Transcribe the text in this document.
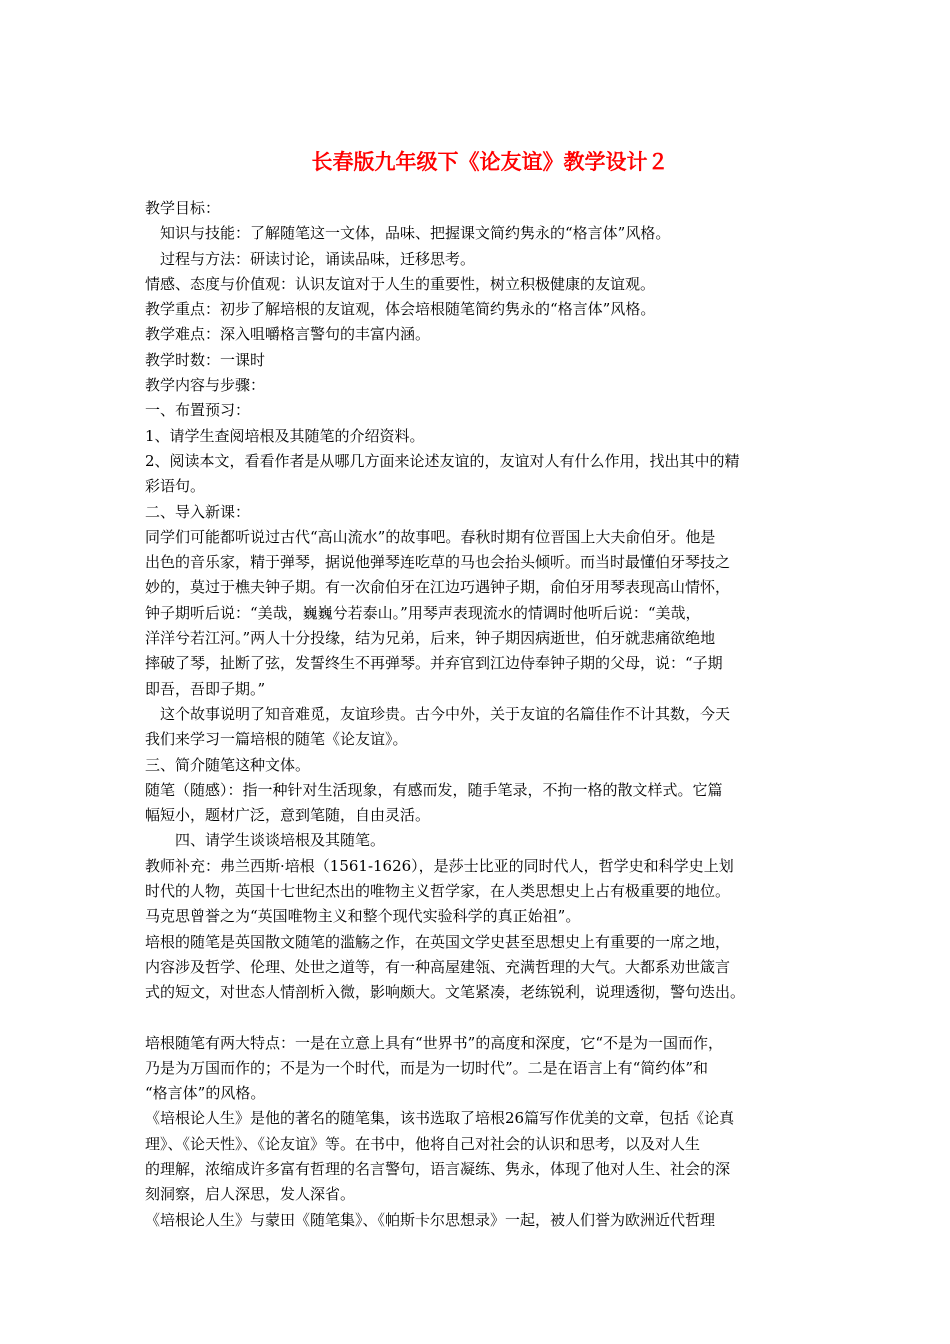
长春版九年级下《论友谊》教学设计２

教学目标：

　知识与技能：了解随笔这一文体，品味、把握课文简约隽永的“格言体”风格。

　过程与方法：研读讨论，诵读品味，迁移思考。

情感、态度与价值观：认识友谊对于人生的重要性，树立积极健康的友谊观。

教学重点：初步了解培根的友谊观，体会培根随笔简约隽永的“格言体”风格。

教学难点：深入咀嚼格言警句的丰富内涵。

教学时数：一课时

教学内容与步骤：

一、布置预习：

1、请学生查阅培根及其随笔的介绍资料。

2、阅读本文，看看作者是从哪几方面来论述友谊的，友谊对人有什么作用，找出其中的精

彩语句。

二、导入新课：

同学们可能都听说过古代“高山流水”的故事吧。春秋时期有位晋国上大夫俞伯牙。他是

出色的音乐家，精于弹琴，据说他弹琴连吃草的马也会抬头倾听。而当时最懂伯牙琴技之

妙的，莫过于樵夫钟子期。有一次俞伯牙在江边巧遇钟子期，俞伯牙用琴表现高山情怀，

钟子期听后说：“美哉，巍巍兮若泰山。”用琴声表现流水的情调时他听后说：“美哉，

洋洋兮若江河。”两人十分投缘，结为兄弟，后来，钟子期因病逝世，伯牙就悲痛欲绝地

摔破了琴，扯断了弦，发誓终生不再弹琴。并弃官到江边侍奉钟子期的父母，说：“子期

即吾，吾即子期。”

　这个故事说明了知音难觅，友谊珍贵。古今中外，关于友谊的名篇佳作不计其数，今天

我们来学习一篇培根的随笔《论友谊》。

三、简介随笔这种文体。

随笔（随感）：指一种针对生活现象，有感而发，随手笔录，不拘一格的散文样式。它篇

幅短小，题材广泛，意到笔随，自由灵活。

　　四、请学生谈谈培根及其随笔。

教师补充：弗兰西斯·培根（1561-1626），是莎士比亚的同时代人，哲学史和科学史上划

时代的人物，英国十七世纪杰出的唯物主义哲学家，在人类思想史上占有极重要的地位。

马克思曾誉之为“英国唯物主义和整个现代实验科学的真正始祖”。

培根的随笔是英国散文随笔的滥觞之作，在英国文学史甚至思想史上有重要的一席之地，

内容涉及哲学、伦理、处世之道等，有一种高屋建瓴、充满哲理的大气。大都系劝世箴言

式的短文，对世态人情剖析入微，影响颇大。文笔紧凑，老练锐利，说理透彻，警句迭出。

培根随笔有两大特点：一是在立意上具有“世界书”的高度和深度，它“不是为一国而作，

乃是为万国而作的；不是为一个时代，而是为一切时代”。二是在语言上有“简约体”和

“格言体”的风格。

《培根论人生》是他的著名的随笔集，该书选取了培根26篇写作优美的文章，包括《论真

理》、《论天性》、《论友谊》等。在书中，他将自己对社会的认识和思考，以及对人生

的理解，浓缩成许多富有哲理的名言警句，语言凝练、隽永，体现了他对人生、社会的深

刻洞察，启人深思，发人深省。

《培根论人生》与蒙田《随笔集》、《帕斯卡尔思想录》一起，被人们誉为欧洲近代哲理
